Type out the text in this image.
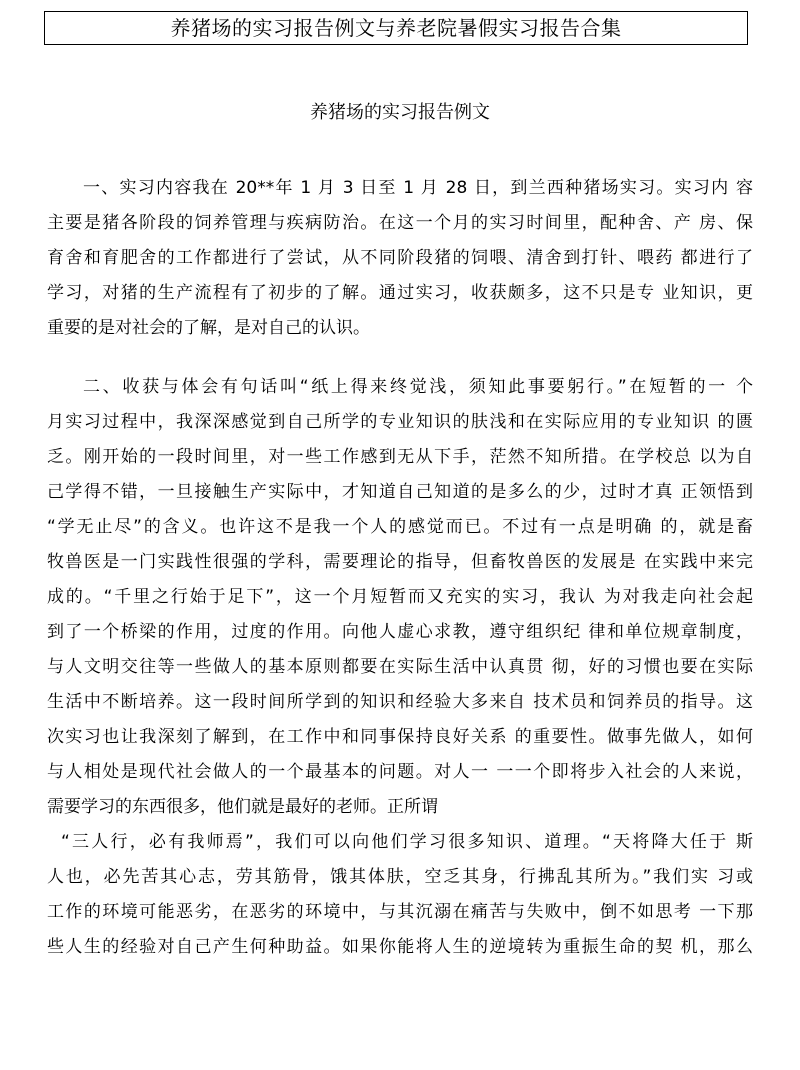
养猪场的实习报告例文与养老院暑假实习报告合集
养猪场的实习报告例文
一、实习内容我在 20**年 1 月 3 日至 1 月 28 日，到兰西种猪场实习。实习内 容
主要是猪各阶段的饲养管理与疾病防治。在这一个月的实习时间里，配种舍、产 房、保
育舍和育肥舍的工作都进行了尝试，从不同阶段猪的饲喂、清舍到打针、喂药 都进行了
学习，对猪的生产流程有了初步的了解。通过实习，收获颇多，这不只是专 业知识，更
重要的是对社会的了解，是对自己的认识。
二、收获与体会有句话叫“纸上得来终觉浅，须知此事要躬行。”在短暂的一 个
月实习过程中，我深深感觉到自己所学的专业知识的肤浅和在实际应用的专业知识 的匮
乏。刚开始的一段时间里，对一些工作感到无从下手，茫然不知所措。在学校总 以为自
己学得不错，一旦接触生产实际中，才知道自己知道的是多么的少，过时才真 正领悟到
“学无止尽”的含义。也许这不是我一个人的感觉而已。不过有一点是明确 的，就是畜
牧兽医是一门实践性很强的学科，需要理论的指导，但畜牧兽医的发展是 在实践中来完
成的。“千里之行始于足下”，这一个月短暂而又充实的实习，我认 为对我走向社会起
到了一个桥梁的作用，过度的作用。向他人虚心求教，遵守组织纪 律和单位规章制度，
与人文明交往等一些做人的基本原则都要在实际生活中认真贯 彻，好的习惯也要在实际
生活中不断培养。这一段时间所学到的知识和经验大多来自 技术员和饲养员的指导。这
次实习也让我深刻了解到，在工作中和同事保持良好关系 的重要性。做事先做人，如何
与人相处是现代社会做人的一个最基本的问题。对人一 一一个即将步入社会的人来说，
需要学习的东西很多，他们就是最好的老师。正所谓
“三人行，必有我师焉”，我们可以向他们学习很多知识、道理。“天将降大任于 斯
人也，必先苦其心志，劳其筋骨，饿其体肤，空乏其身，行拂乱其所为。”我们实 习或
工作的环境可能恶劣，在恶劣的环境中，与其沉溺在痛苦与失败中，倒不如思考 一下那
些人生的经验对自己产生何种助益。如果你能将人生的逆境转为重振生命的契 机，那么
